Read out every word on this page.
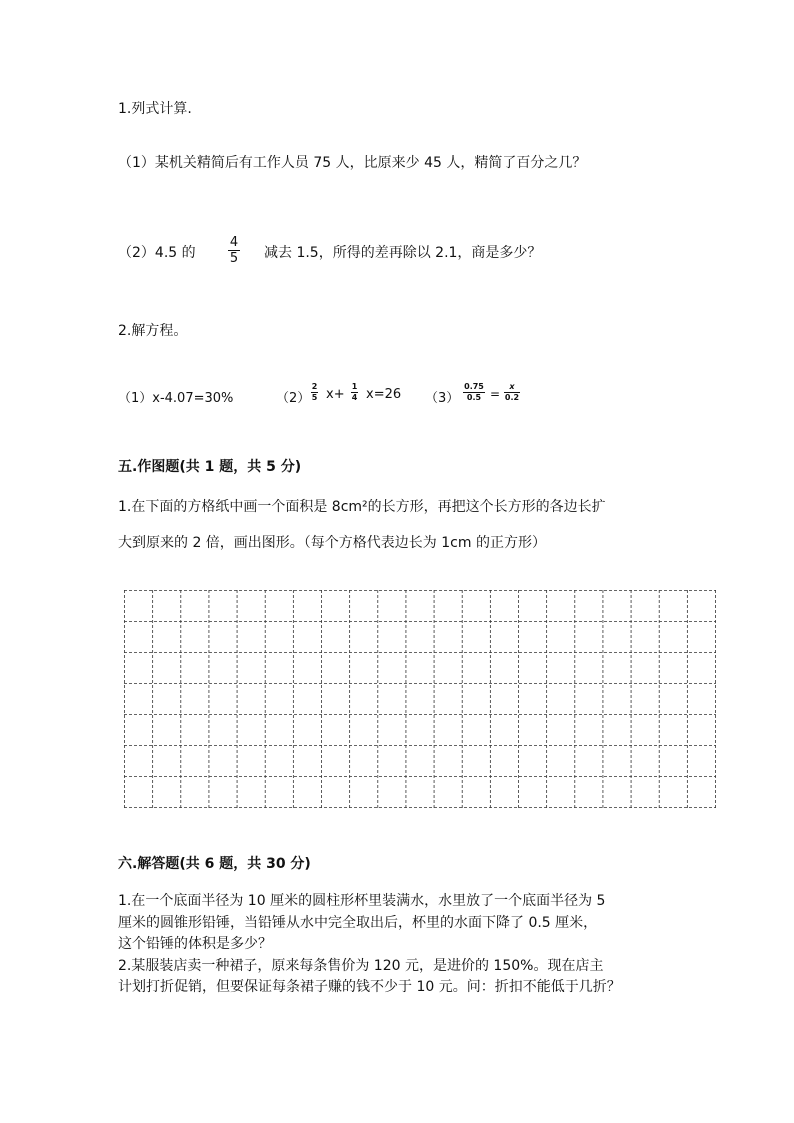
1.列式计算.
（1）某机关精简后有工作人员 75 人，比原来少 45 人，精简了百分之几？
（2）4.5 的
4
5 减去 1.5，所得的差再除以 2.1，商是多少？
2.解方程。
（1）x-4.07=30%	（2）
2
5 x+
1
4 x=26 （3）
0.75
0.5 =
x
0.2
五.作图题(共 1 题，共 5 分)
1.在下面的方格纸中画一个面积是 8cm²的长方形，再把这个长方形的各边长扩
大到原来的 2 倍，画出图形。（每个方格代表边长为 1cm 的正方形）
六.解答题(共 6 题，共 30 分)
1.在一个底面半径为 10 厘米的圆柱形杯里装满水，水里放了一个底面半径为 5
厘米的圆锥形铅锤，当铅锤从水中完全取出后，杯里的水面下降了 0.5 厘米，
这个铅锤的体积是多少？
2.某服装店卖一种裙子，原来每条售价为 120 元，是进价的 150%。现在店主
计划打折促销，但要保证每条裙子赚的钱不少于 10 元。问：折扣不能低于几折？
